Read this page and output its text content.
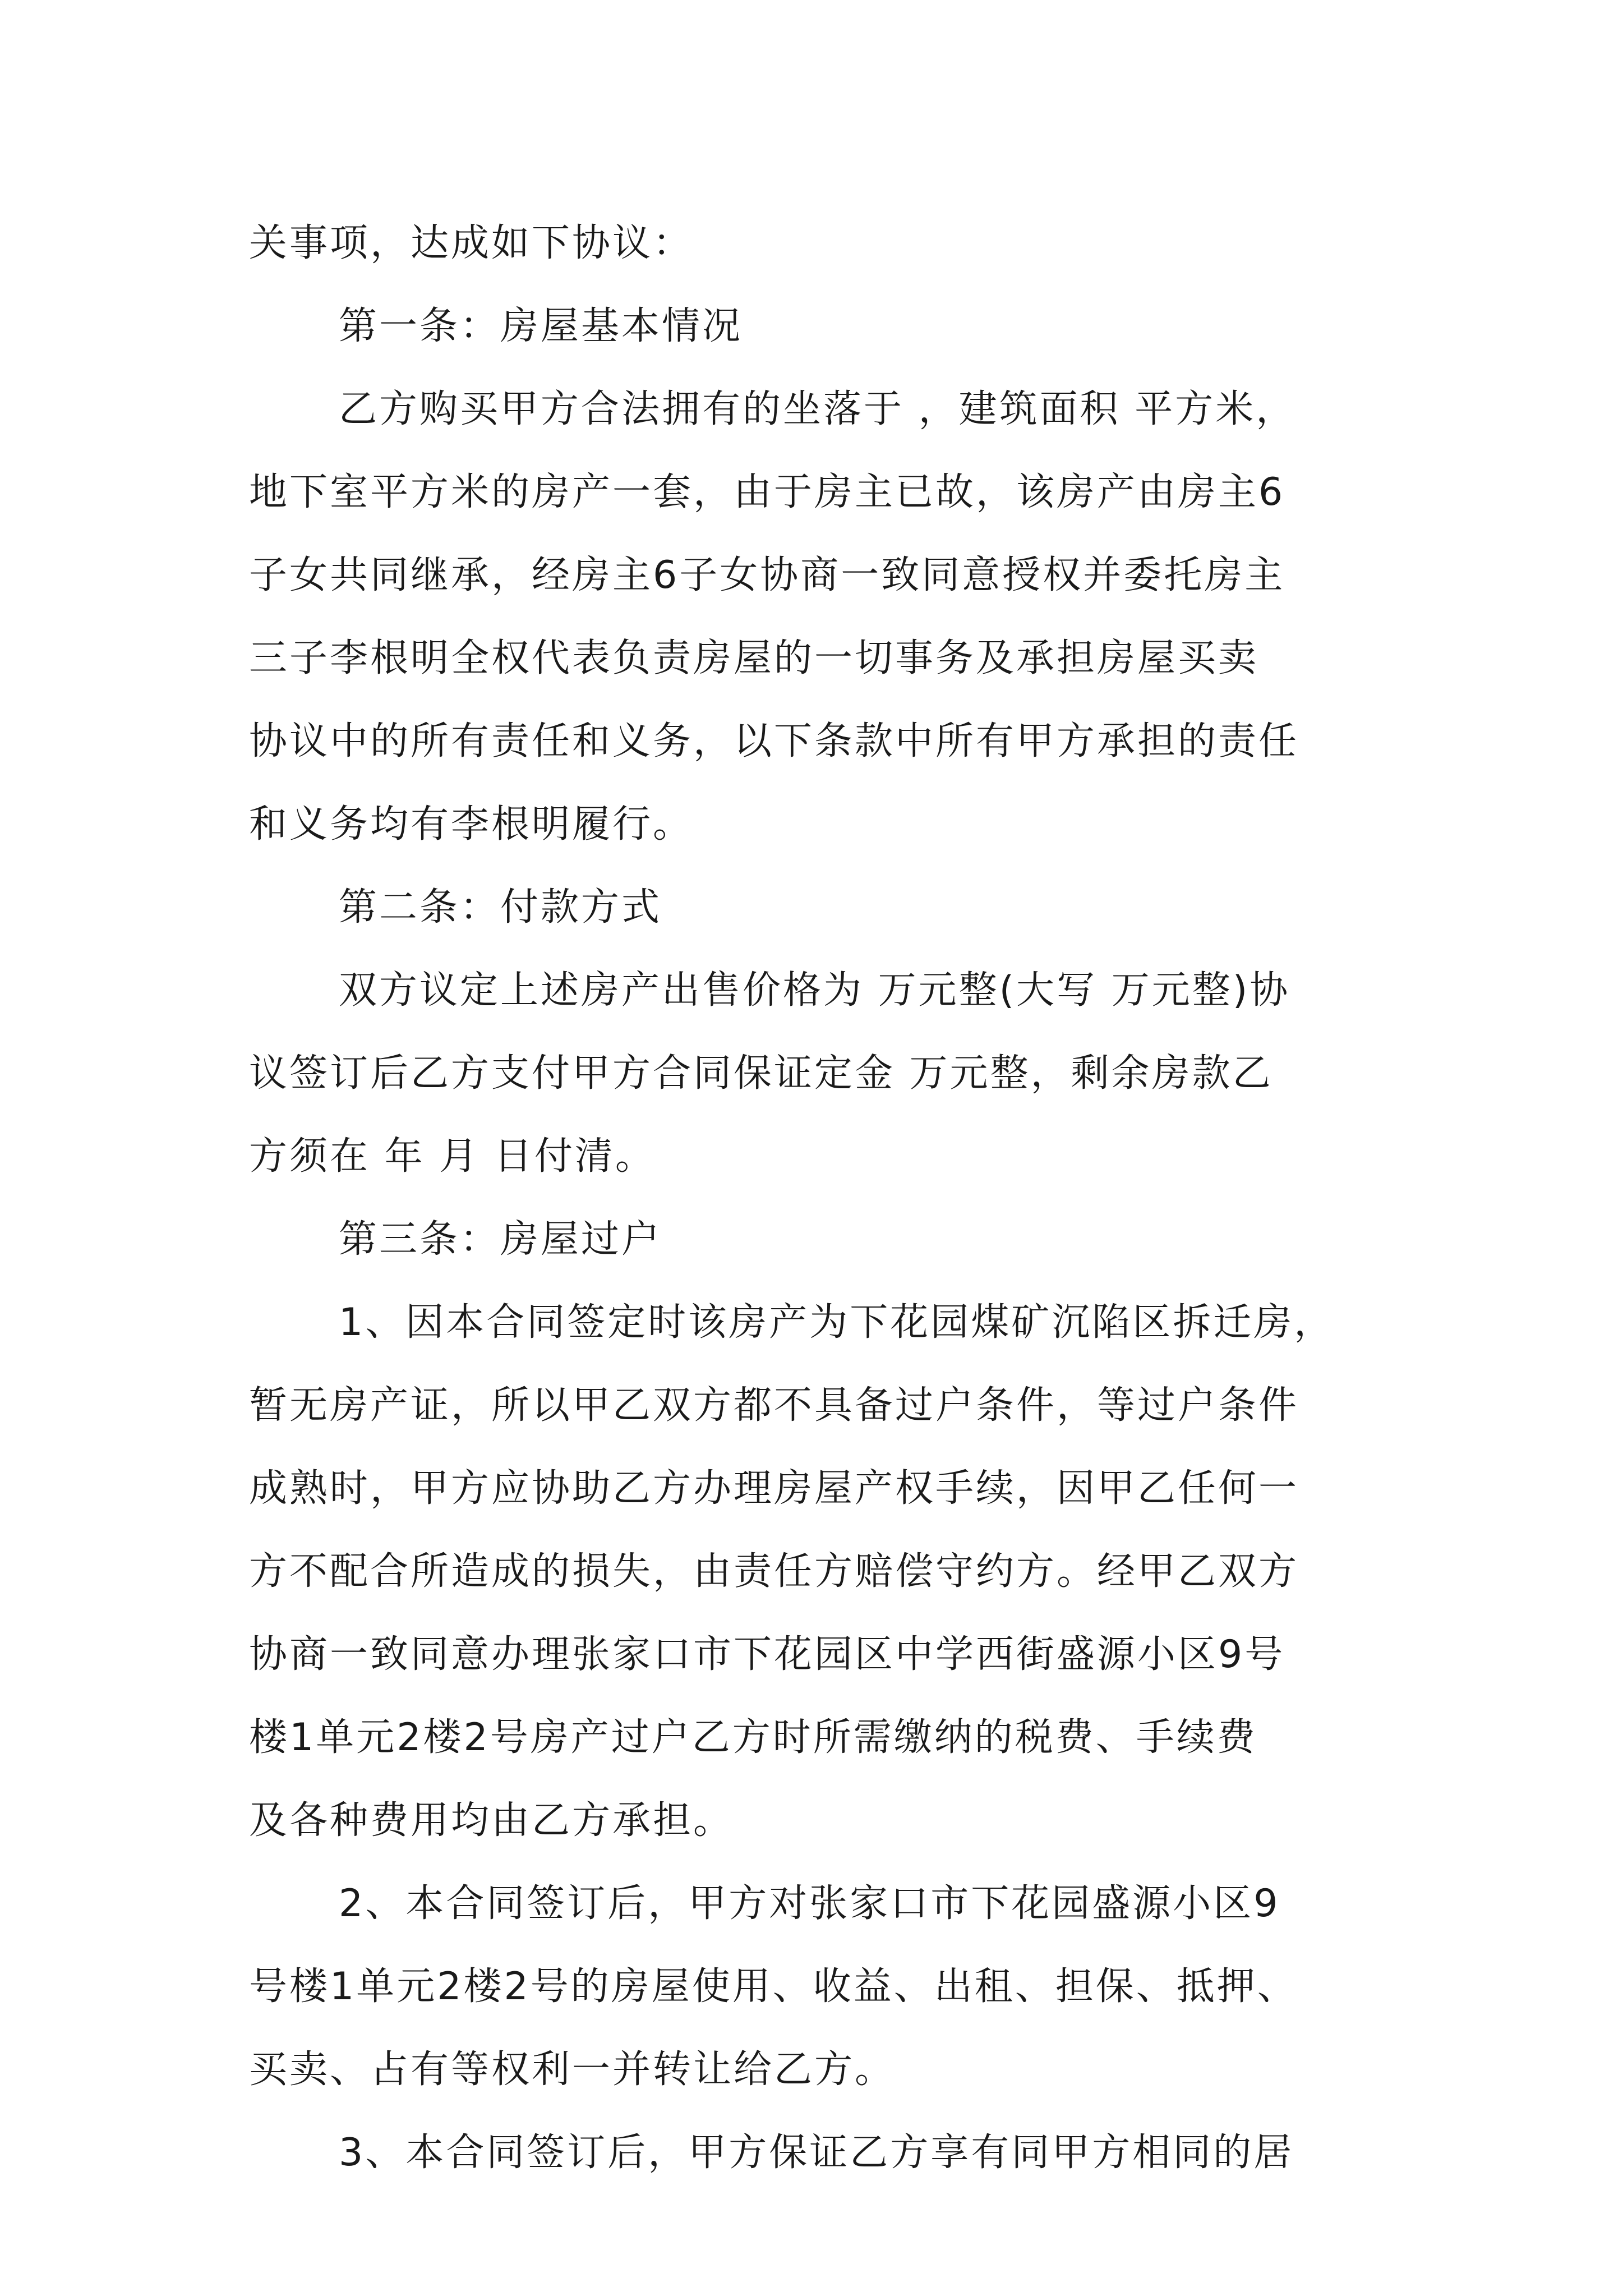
关事项，达成如下协议：
第一条：房屋基本情况
乙方购买甲方合法拥有的坐落于 ，建筑面积 平方米，
地下室平方米的房产一套，由于房主已故，该房产由房主6
子女共同继承，经房主6子女协商一致同意授权并委托房主
三子李根明全权代表负责房屋的一切事务及承担房屋买卖
协议中的所有责任和义务，以下条款中所有甲方承担的责任
和义务均有李根明履行。
第二条：付款方式
双方议定上述房产出售价格为 万元整(大写 万元整)协
议签订后乙方支付甲方合同保证定金 万元整，剩余房款乙
方须在 年 月 日付清。
第三条：房屋过户
1、因本合同签定时该房产为下花园煤矿沉陷区拆迁房，
暂无房产证，所以甲乙双方都不具备过户条件，等过户条件
成熟时，甲方应协助乙方办理房屋产权手续，因甲乙任何一
方不配合所造成的损失，由责任方赔偿守约方。经甲乙双方
协商一致同意办理张家口市下花园区中学西街盛源小区9号
楼1单元2楼2号房产过户乙方时所需缴纳的税费、手续费
及各种费用均由乙方承担。
2、本合同签订后，甲方对张家口市下花园盛源小区9
号楼1单元2楼2号的房屋使用、收益、出租、担保、抵押、
买卖、占有等权利一并转让给乙方。
3、本合同签订后，甲方保证乙方享有同甲方相同的居
